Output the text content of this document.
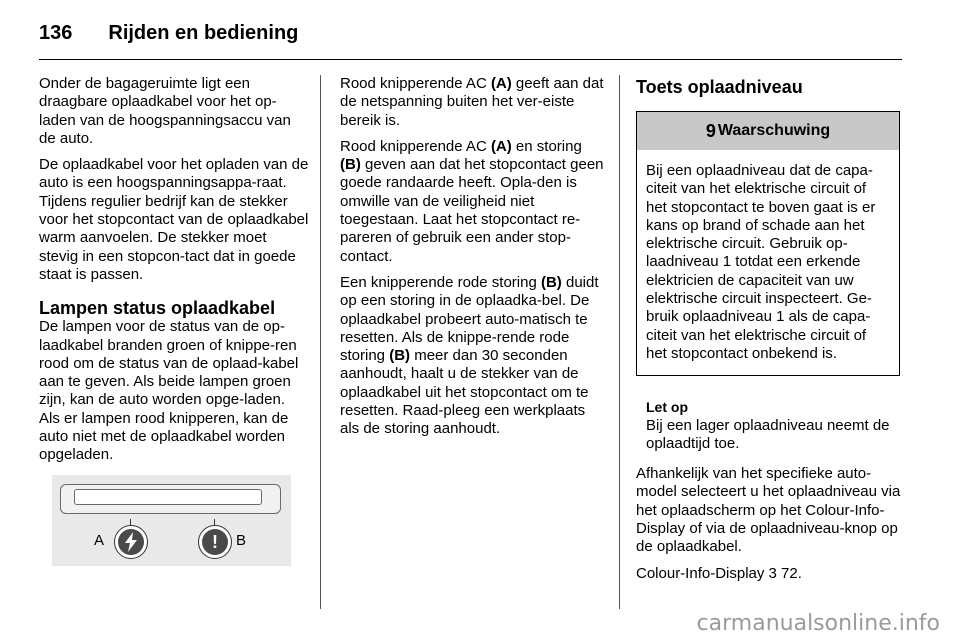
136 Rijden en bediening

Onder de bagageruimte ligt een draagbare oplaadkabel voor het op-laden van de hoogspanningsaccu van de auto.

De oplaadkabel voor het opladen van de auto is een hoogspanningsappa-raat. Tijdens regulier bedrijf kan de stekker voor het stopcontact van de oplaadkabel warm aanvoelen. De stekker moet stevig in een stopcon-tact dat in goede staat is passen.

Lampen status oplaadkabel

De lampen voor de status van de op-laadkabel branden groen of knippe-ren rood om de status van de oplaad-kabel aan te geven. Als beide lampen groen zijn, kan de auto worden opge-laden. Als er lampen rood knipperen, kan de auto niet met de oplaadkabel worden opgeladen.

A	! B

Rood knipperende AC (A) geeft aan dat de netspanning buiten het ver-eiste bereik is.

Rood knipperende AC (A) en storing (B) geven aan dat het stopcontact geen goede randaarde heeft. Opla-den is omwille van de veiligheid niet toegestaan. Laat het stopcontact re-pareren of gebruik een ander stop-contact.

Een knipperende rode storing (B) duidt op een storing in de oplaadka-bel. De oplaadkabel probeert auto-matisch te resetten. Als de knippe-rende rode storing (B) meer dan 30 seconden aanhoudt, haalt u de stekker van de oplaadkabel uit het stopcontact om te resetten. Raad-pleeg een werkplaats als de storing aanhoudt.

Toets oplaadniveau
9 Waarschuwing
Bij een oplaadniveau dat de capa-citeit van het elektrische circuit of het stopcontact te boven gaat is er kans op brand of schade aan het elektrische circuit. Gebruik op-laadniveau 1 totdat een erkende elektricien de capaciteit van uw elektrische circuit inspecteert. Ge-bruik oplaadniveau 1 als de capa-citeit van het elektrische circuit of het stopcontact onbekend is.
Let op
Bij een lager oplaadniveau neemt de oplaadtijd toe.

Afhankelijk van het specifieke auto-model selecteert u het oplaadniveau via het oplaadscherm op het Colour-Info-Display of via de oplaadniveau-knop op de oplaadkabel.

Colour-Info-Display 3 72.

carmanualsonline.info
